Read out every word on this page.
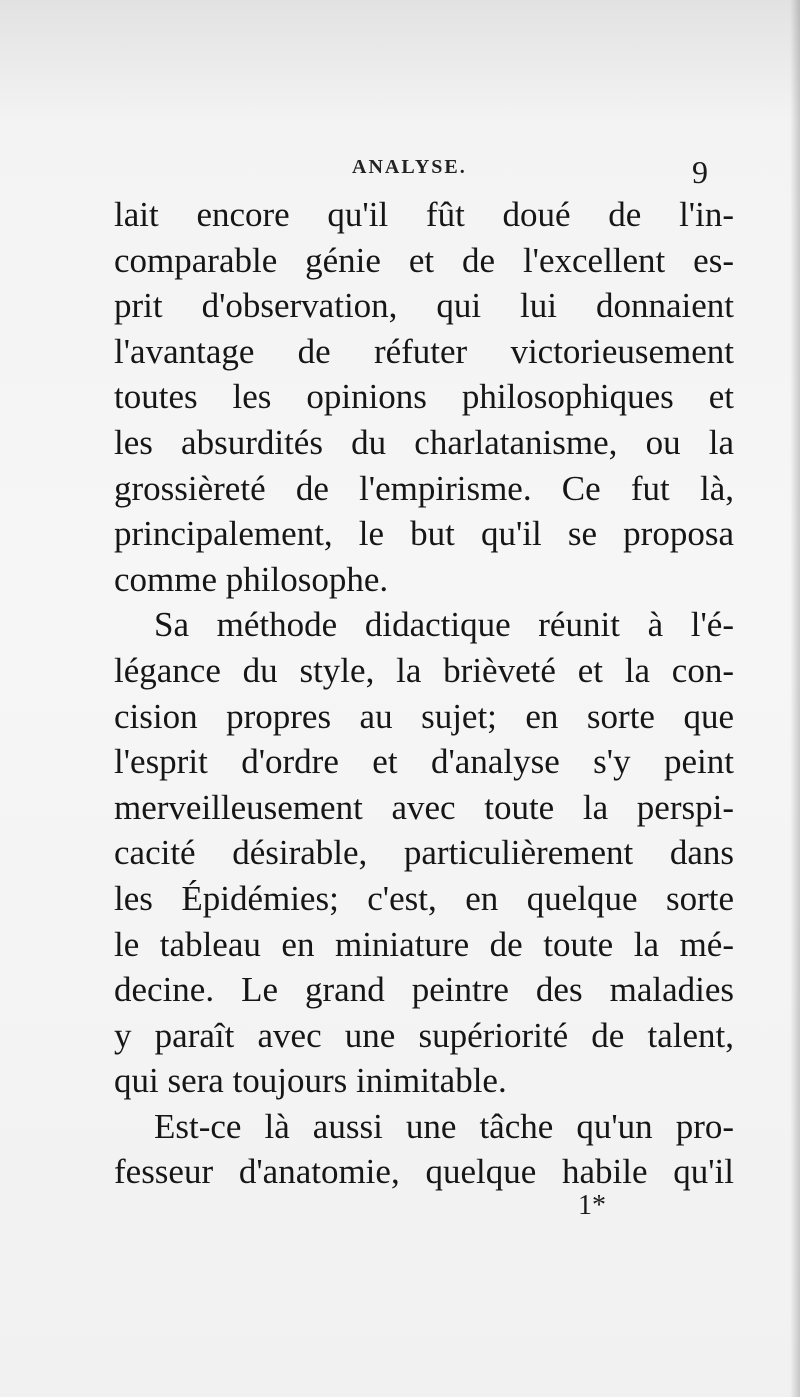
ANALYSE.	9
lait encore qu'il fût doué de l'in-
comparable génie et de l'excellent es-
prit d'observation, qui lui donnaient
l'avantage de réfuter victorieusement
toutes les opinions philosophiques et
les absurdités du charlatanisme, ou la
grossièreté de l'empirisme. Ce fut là,
principalement, le but qu'il se proposa
comme philosophe.
Sa méthode didactique réunit à l'é-
légance du style, la brièveté et la con-
cision propres au sujet; en sorte que
l'esprit d'ordre et d'analyse s'y peint
merveilleusement avec toute la perspi-
cacité désirable, particulièrement dans
les Épidémies; c'est, en quelque sorte
le tableau en miniature de toute la mé-
decine. Le grand peintre des maladies
y paraît avec une supériorité de talent,
qui sera toujours inimitable.
Est-ce là aussi une tâche qu'un pro-
fesseur d'anatomie, quelque habile qu'il
1*
